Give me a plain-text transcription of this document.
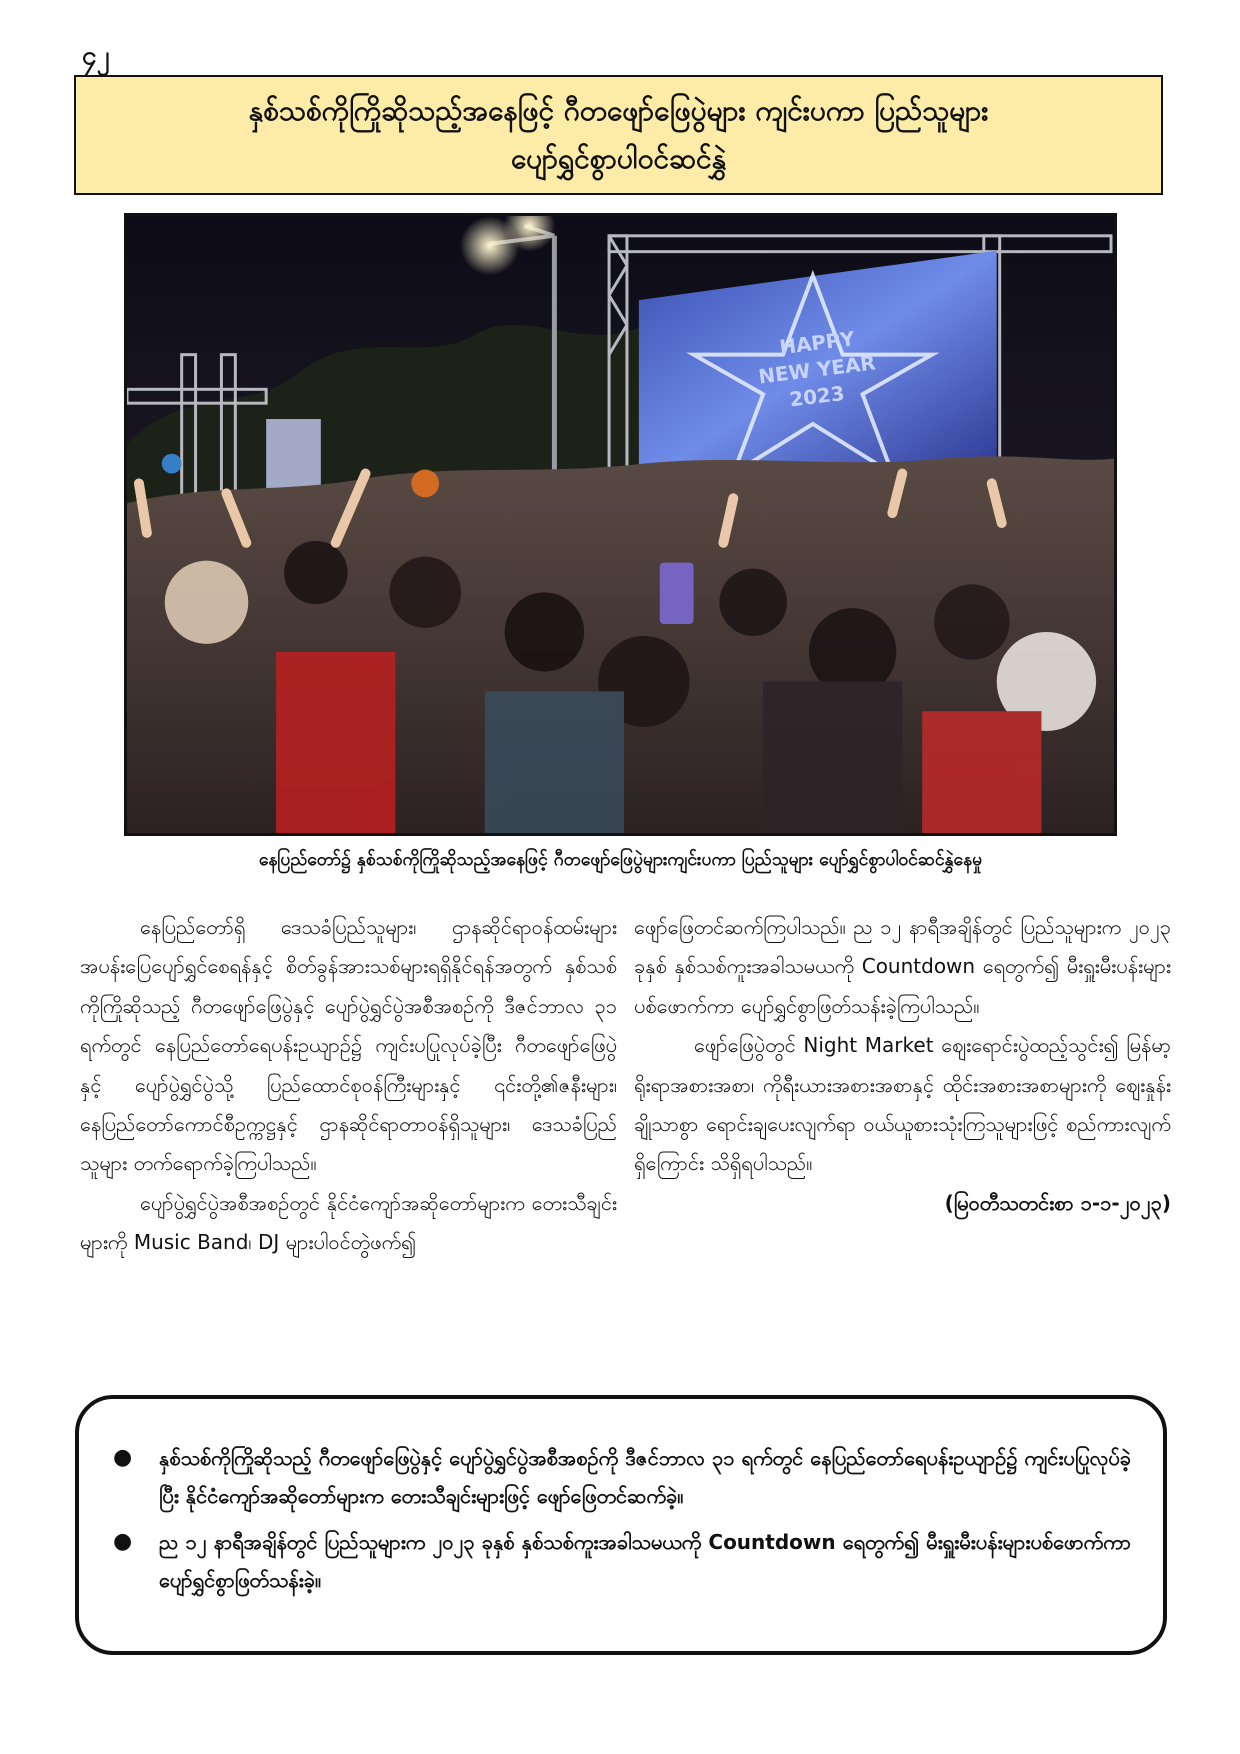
၄၂
နှစ်သစ်ကိုကြိုဆိုသည့်အနေဖြင့် ဂီတဖျော်ဖြေပွဲများ ကျင်းပကာ ပြည်သူများ
ပျော်ရွှင်စွာပါဝင်ဆင်နွှဲ
HAPPY
NEW YEAR
2023
နေပြည်တော်၌ နှစ်သစ်ကိုကြိုဆိုသည့်အနေဖြင့် ဂီတဖျော်ဖြေပွဲများကျင်းပကာ ပြည်သူများ ပျော်ရွှင်စွာပါဝင်ဆင်နွှဲနေမှု

နေပြည်တော်ရှိ ဒေသခံပြည်သူများ၊ ဌာနဆိုင်ရာဝန်ထမ်းများ အပန်းပြေပျော်ရွှင်စေရန်နှင့် စိတ်ခွန်အားသစ်များရရှိနိုင်ရန်အတွက် နှစ်သစ်ကိုကြိုဆိုသည့် ဂီတဖျော်ဖြေပွဲနှင့် ပျော်ပွဲရွှင်ပွဲအစီအစဉ်ကို ဒီဇင်ဘာလ ၃၁ ရက်တွင် နေပြည်တော်ရေပန်းဥယျာဉ်၌ ကျင်းပပြုလုပ်ခဲ့ပြီး ဂီတဖျော်ဖြေပွဲနှင့် ပျော်ပွဲရွှင်ပွဲသို့ ပြည်ထောင်စုဝန်ကြီးများနှင့် ၎င်းတို့၏ဇနီးများ၊ နေပြည်တော်ကောင်စီဥက္ကဋ္ဌနှင့် ဌာနဆိုင်ရာတာဝန်ရှိသူများ၊ ဒေသခံပြည်သူများ တက်ရောက်ခဲ့ကြပါသည်။

ပျော်ပွဲရွှင်ပွဲအစီအစဉ်တွင် နိုင်ငံကျော်အဆိုတော်များက တေးသီချင်းများကို Music Band၊ DJ များပါဝင်တွဲဖက်၍

ဖျော်ဖြေတင်ဆက်ကြပါသည်။ ည ၁၂ နာရီအချိန်တွင် ပြည်သူများက ၂၀၂၃ ခုနှစ် နှစ်သစ်ကူးအခါသမယကို Countdown ရေတွက်၍ မီးရှူးမီးပန်းများပစ်ဖောက်ကာ ပျော်ရွှင်စွာဖြတ်သန်းခဲ့ကြပါသည်။

ဖျော်ဖြေပွဲတွင် Night Market ဈေးရောင်းပွဲထည့်သွင်း၍ မြန်မာ့ရိုးရာအစားအစာ၊ ကိုရီးယားအစားအစာနှင့် ထိုင်းအစားအစာများကို ဈေးနှုန်းချိုသာစွာ ရောင်းချပေးလျက်ရာ ဝယ်ယူစားသုံးကြသူများဖြင့် စည်ကားလျက်ရှိကြောင်း သိရှိရပါသည်။

(မြဝတီသတင်းစာ ၁-၁-၂၀၂၃)
● နှစ်သစ်ကိုကြိုဆိုသည့် ဂီတဖျော်ဖြေပွဲနှင့် ပျော်ပွဲရွှင်ပွဲအစီအစဉ်ကို ဒီဇင်ဘာလ ၃၁ ရက်တွင် နေပြည်တော်ရေပန်းဥယျာဉ်၌ ကျင်းပပြုလုပ်ခဲ့ပြီး နိုင်ငံကျော်အဆိုတော်များက တေးသီချင်းများဖြင့် ဖျော်ဖြေတင်ဆက်ခဲ့။
● ည ၁၂ နာရီအချိန်တွင် ပြည်သူများက ၂၀၂၃ ခုနှစ် နှစ်သစ်ကူးအခါသမယကို Countdown ရေတွက်၍ မီးရှူးမီးပန်းများပစ်ဖောက်ကာ ပျော်ရွှင်စွာဖြတ်သန်းခဲ့။
